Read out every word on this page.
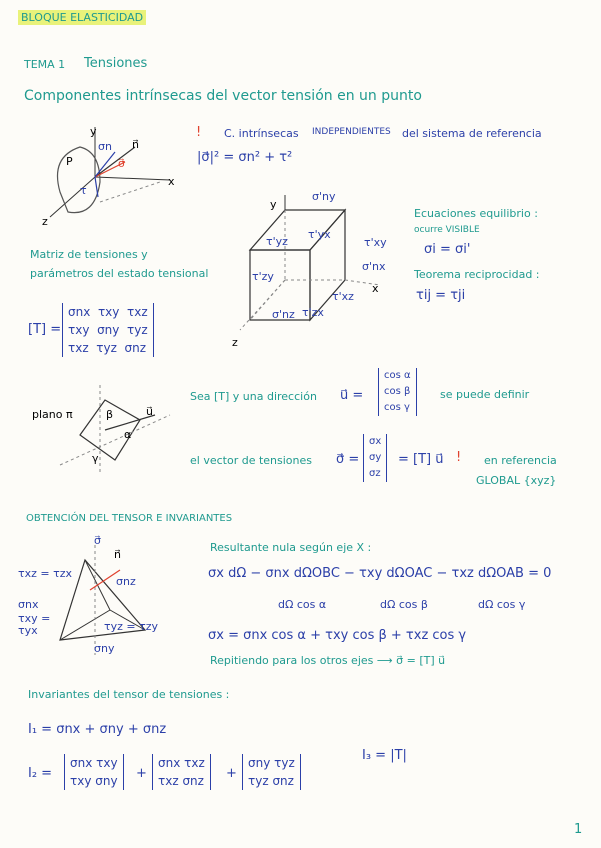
BLOQUE ELASTICIDAD
TEMA 1 Tensiones
Componentes intrínsecas del vector tensión en un punto
y
σn n⃗
σ⃗
P
τ
x
z
! C. intrínsecas INDEPENDIENTES del sistema de referencia
|σ⃗|² = σn² + τ²
y
σ'ny
τ'yx
τ'yz	τ'xy
σ'nx
τ'zy
τ'xz
τ'zx
σ'nz
x
z
Ecuaciones equilibrio :
ocurre VISIBLE
σi = σi'
Teorema reciprocidad :
τij = τji
Matriz de tensiones y
parámetros del estado tensional
[T] =
σnx τxy τxz
τxy σny τyz
τxz τyz σnz
plano π	β
α
γ
u⃗
Sea [T] y una dirección u⃗ =
cos α
cos β
cos γ
se puede definir
el vector de tensiones σ⃗ =
σx
σy
σz
= [T] u⃗ ! en referencia
GLOBAL {xyz}
OBTENCIÓN DEL TENSOR E INVARIANTES
σ⃗
n⃗
τxz = τzx
σnz
σnx
τxy =
τyx	τyz = τzy
σny
Resultante nula según eje X :
σx dΩ − σnx dΩOBC − τxy dΩOAC − τxz dΩOAB = 0
dΩ cos α	dΩ cos β	dΩ cos γ
σx = σnx cos α + τxy cos β + τxz cos γ
Repitiendo para los otros ejes ⟶ σ⃗ = [T] u⃗
Invariantes del tensor de tensiones :
I₁ = σnx + σny + σnz
I₂ =
σnx τxy
τxy σny +
σnx τxz
τxz σnz +
σny τyz
τyz σnz
I₃ = |T|
1
